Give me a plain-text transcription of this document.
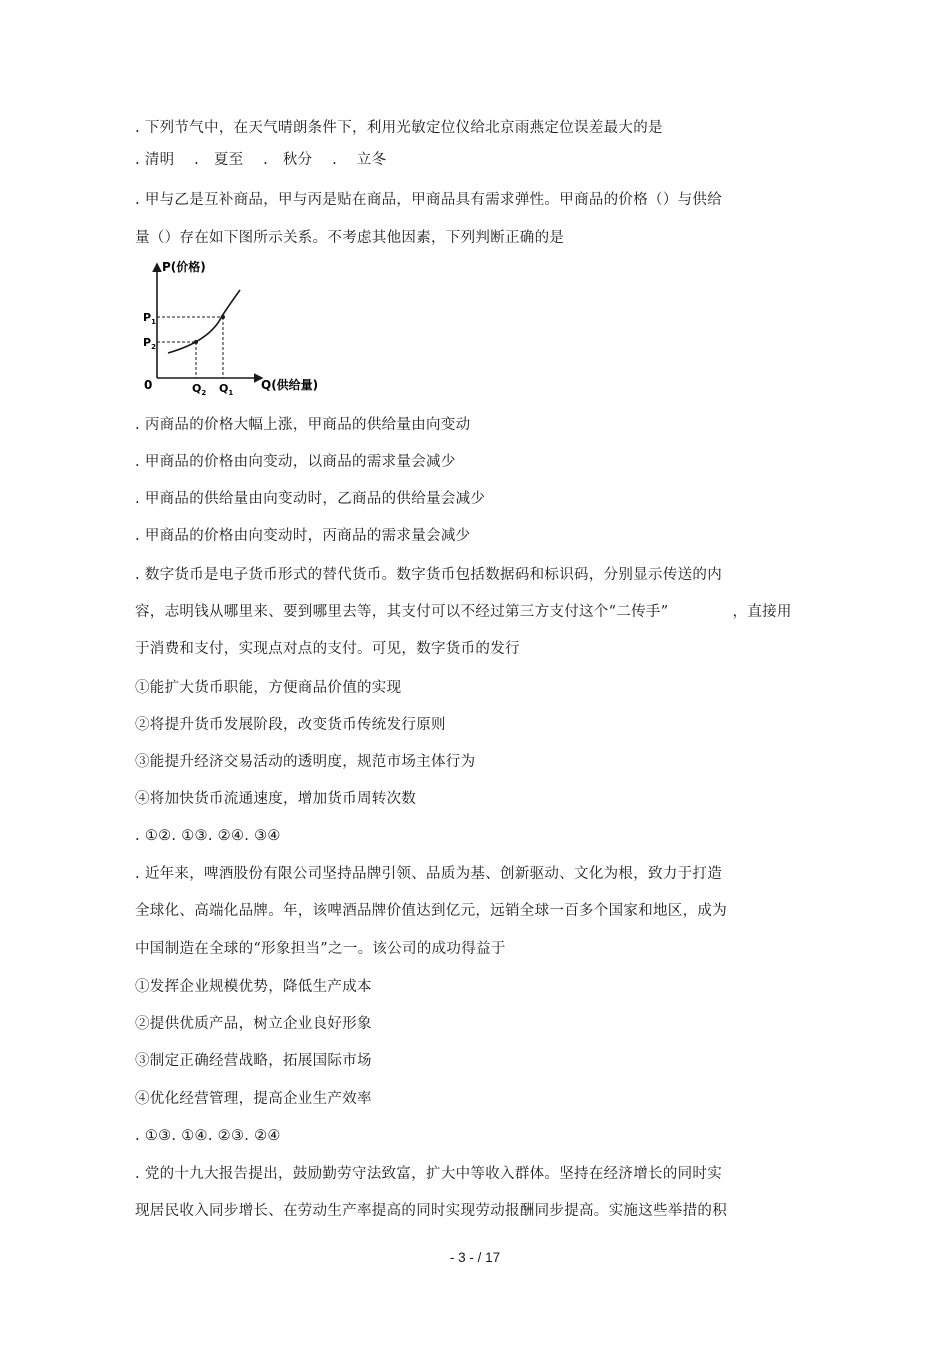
. 下列节气中，在天气晴朗条件下，利用光敏定位仪给北京雨燕定位误差最大的是
. 清明　 .　夏至　 .　秋分　 .　 立冬
. 甲与乙是互补商品，甲与丙是贴在商品，甲商品具有需求弹性。甲商品的价格（）与供给
量（）存在如下图所示关系。不考虑其他因素，下列判断正确的是
P(价格)
0
$P_1$
$P_2$
$Q_2$ $Q_1$
Q(供给量)
. 丙商品的价格大幅上涨，甲商品的供给量由向变动
. 甲商品的价格由向变动，以商品的需求量会减少
. 甲商品的供给量由向变动时，乙商品的供给量会减少
. 甲商品的价格由向变动时，丙商品的需求量会减少
. 数字货币是电子货币形式的替代货币。数字货币包括数据码和标识码，分别显示传送的内
容，志明钱从哪里来、要到哪里去等，其支付可以不经过第三方支付这个“二传手”　　　　 ，直接用
于消费和支付，实现点对点的支付。可见，数字货币的发行
①能扩大货币职能，方便商品价值的实现
②将提升货币发展阶段，改变货币传统发行原则
③能提升经济交易活动的透明度，规范市场主体行为
④将加快货币流通速度，增加货币周转次数
. ①②. ①③. ②④. ③④
. 近年来，啤酒股份有限公司坚持品牌引领、品质为基、创新驱动、文化为根，致力于打造
全球化、高端化品牌。年，该啤酒品牌价值达到亿元，远销全球一百多个国家和地区，成为
中国制造在全球的“形象担当”之一。该公司的成功得益于
①发挥企业规模优势，降低生产成本
②提供优质产品，树立企业良好形象
③制定正确经营战略，拓展国际市场
④优化经营管理，提高企业生产效率
. ①③. ①④. ②③. ②④
. 党的十九大报告提出，鼓励勤劳守法致富，扩大中等收入群体。坚持在经济增长的同时实
现居民收入同步增长、在劳动生产率提高的同时实现劳动报酬同步提高。实施这些举措的积
- 3 - / 17
